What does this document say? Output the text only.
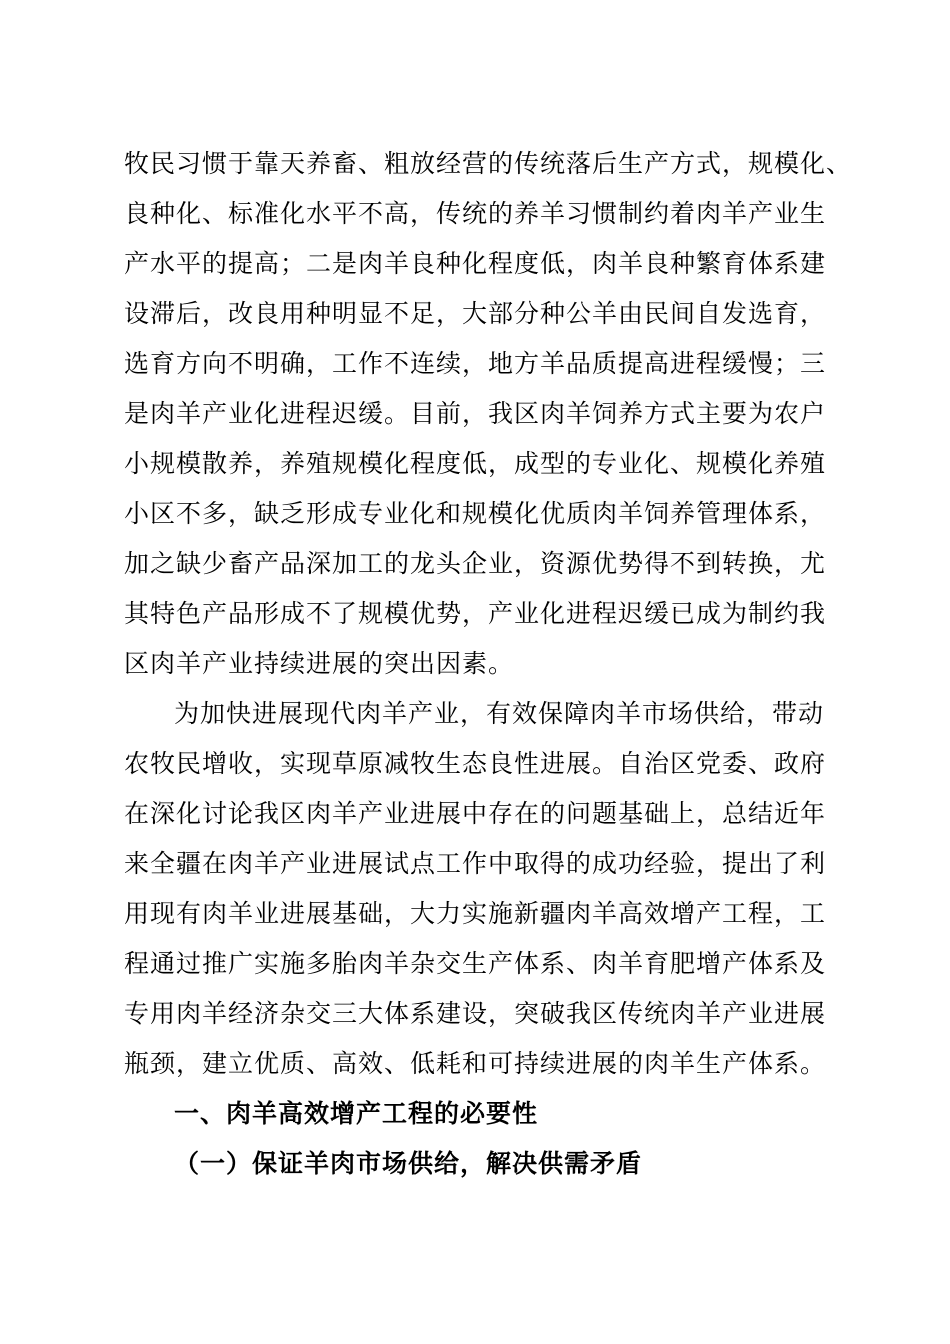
牧民习惯于靠天养畜、粗放经营的传统落后生产方式，规模化、
良种化、标准化水平不高，传统的养羊习惯制约着肉羊产业生
产水平的提高；二是肉羊良种化程度低，肉羊良种繁育体系建
设滞后，改良用种明显不足，大部分种公羊由民间自发选育，
选育方向不明确，工作不连续，地方羊品质提高进程缓慢；三
是肉羊产业化进程迟缓。目前，我区肉羊饲养方式主要为农户
小规模散养，养殖规模化程度低，成型的专业化、规模化养殖
小区不多，缺乏形成专业化和规模化优质肉羊饲养管理体系，
加之缺少畜产品深加工的龙头企业，资源优势得不到转换，尤
其特色产品形成不了规模优势，产业化进程迟缓已成为制约我
区肉羊产业持续进展的突出因素。
为加快进展现代肉羊产业，有效保障肉羊市场供给，带动
农牧民增收，实现草原减牧生态良性进展。自治区党委、政府
在深化讨论我区肉羊产业进展中存在的问题基础上，总结近年
来全疆在肉羊产业进展试点工作中取得的成功经验，提出了利
用现有肉羊业进展基础，大力实施新疆肉羊高效增产工程，工
程通过推广实施多胎肉羊杂交生产体系、肉羊育肥增产体系及
专用肉羊经济杂交三大体系建设，突破我区传统肉羊产业进展
瓶颈，建立优质、高效、低耗和可持续进展的肉羊生产体系。
一、肉羊高效增产工程的必要性
（一）保证羊肉市场供给，解决供需矛盾
